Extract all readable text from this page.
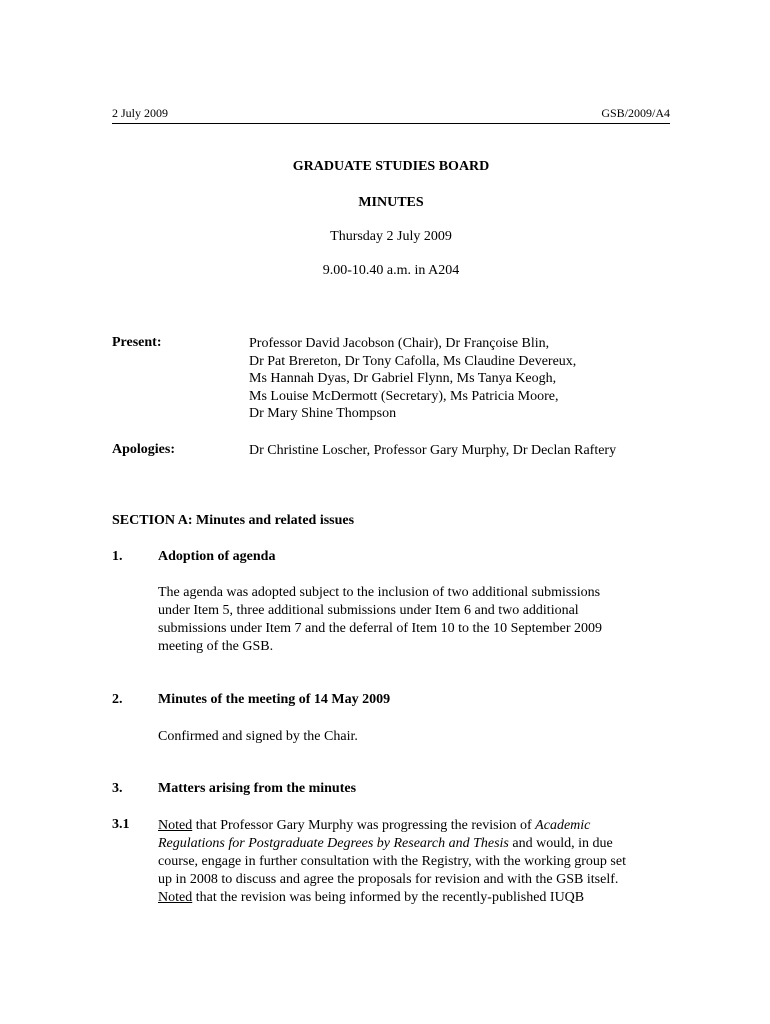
2 July 2009	GSB/2009/A4
GRADUATE STUDIES BOARD
MINUTES
Thursday 2 July 2009
9.00-10.40 a.m. in A204
Present:	Professor David Jacobson (Chair), Dr Françoise Blin,
Dr Pat Brereton, Dr Tony Cafolla, Ms Claudine Devereux,
Ms Hannah Dyas, Dr Gabriel Flynn, Ms Tanya Keogh,
Ms Louise McDermott (Secretary), Ms Patricia Moore,
Dr Mary Shine Thompson
Apologies:	Dr Christine Loscher, Professor Gary Murphy, Dr Declan Raftery
SECTION A: Minutes and related issues
1.	Adoption of agenda
The agenda was adopted subject to the inclusion of two additional submissions
under Item 5, three additional submissions under Item 6 and two additional
submissions under Item 7 and the deferral of Item 10 to the 10 September 2009
meeting of the GSB.
2.	Minutes of the meeting of 14 May 2009
Confirmed and signed by the Chair.
3.	Matters arising from the minutes
3.1 Noted that Professor Gary Murphy was progressing the revision of Academic
Regulations for Postgraduate Degrees by Research and Thesis and would, in due
course, engage in further consultation with the Registry, with the working group set
up in 2008 to discuss and agree the proposals for revision and with the GSB itself.
Noted that the revision was being informed by the recently-published IUQB
